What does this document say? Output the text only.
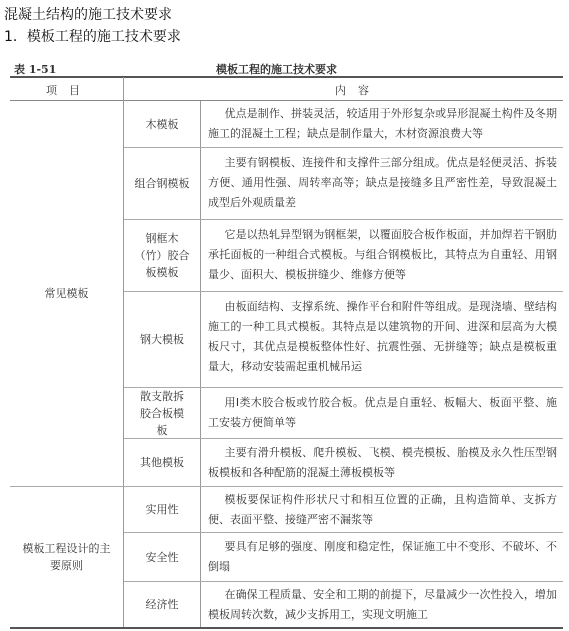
混凝土结构的施工技术要求
1．模板工程的施工技术要求
表 1-51	模板工程的施工技术要求
项目	内容
常见模板
模板工程设计的主要原则
木模板
组合钢模板
钢框木（竹）胶合板模板
钢大模板
散支散拆胶合板模板
其他模板
实用性
安全性
经济性
优点是制作、拼装灵活，较适用于外形复杂或异形混凝土构件及冬期施工的混凝土工程；缺点是制作量大，木材资源浪费大等
主要有钢模板、连接件和支撑件三部分组成。优点是轻便灵活、拆装方便、通用性强、周转率高等；缺点是接缝多且严密性差，导致混凝土成型后外观质量差
它是以热轧异型钢为钢框架，以覆面胶合板作板面，并加焊若干钢肋承托面板的一种组合式模板。与组合钢模板比，其特点为自重轻、用钢量少、面积大、模板拼缝少、维修方便等
由板面结构、支撑系统、操作平台和附件等组成。是现浇墙、壁结构施工的一种工具式模板。其特点是以建筑物的开间、进深和层高为大模板尺寸，其优点是模板整体性好、抗震性强、无拼缝等；缺点是模板重量大，移动安装需起重机械吊运
用Ⅰ类木胶合板或竹胶合板。优点是自重轻、板幅大、板面平整、施工安装方便简单等
主要有滑升模板、爬升模板、飞模、模壳模板、胎模及永久性压型钢板模板和各种配筋的混凝土薄板模板等
模板要保证构件形状尺寸和相互位置的正确，且构造简单、支拆方便、表面平整、接缝严密不漏浆等
要具有足够的强度、刚度和稳定性，保证施工中不变形、不破坏、不倒塌
在确保工程质量、安全和工期的前提下，尽量减少一次性投入，增加模板周转次数，减少支拆用工，实现文明施工
